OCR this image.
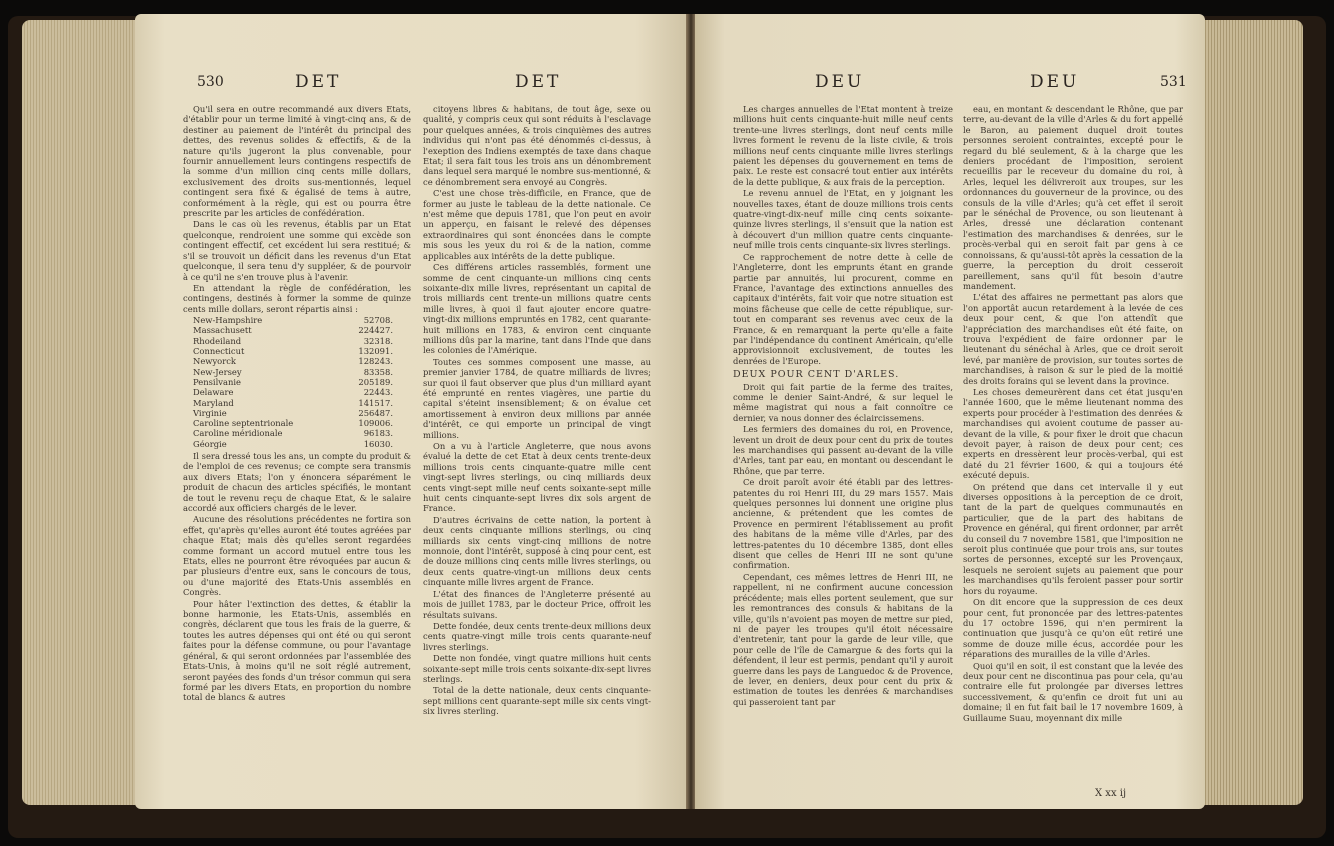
530	DET	DET

Qu'il sera en outre recommandé aux divers Etats, d'établir pour un terme limité à vingt-cinq ans, & de destiner au paiement de l'intérêt du principal des dettes, des revenus solides & effectifs, & de la nature qu'ils jugeront la plus convenable, pour fournir annuellement leurs contingens respectifs de la somme d'un million cinq cents mille dollars, exclusivement des droits sus-mentionnés, lequel contingent sera fixé & égalisé de tems à autre, conformément à la règle, qui est ou pourra être prescrite par les articles de confédération.

Dans le cas où les revenus, établis par un Etat quelconque, rendroient une somme qui excède son contingent effectif, cet excédent lui sera restitué; & s'il se trouvoit un déficit dans les revenus d'un Etat quelconque, il sera tenu d'y suppléer, & de pourvoir à ce qu'il ne s'en trouve plus à l'avenir.

En attendant la règle de confédération, les contingens, destinés à former la somme de quinze cents mille dollars, seront répartis ainsi :

New-Hampshire	52708.
Massachusett	224427.
Rhodeiland	32318.
Connecticut	132091.
Newyorck	128243.
New-Jersey	83358.
Pensilvanie	205189.
Delaware	22443.
Maryland	141517.
Virginie	256487.
Caroline septentrionale	109006.
Caroline méridionale	96183.
Géorgie	16030.

Il sera dressé tous les ans, un compte du produit & de l'emploi de ces revenus; ce compte sera transmis aux divers Etats; l'on y énoncera séparément le produit de chacun des articles spécifiés, le montant de tout le revenu reçu de chaque Etat, & le salaire accordé aux officiers chargés de le lever.

Aucune des résolutions précédentes ne fortira son effet, qu'après qu'elles auront été toutes agréées par chaque Etat; mais dès qu'elles seront regardées comme formant un accord mutuel entre tous les Etats, elles ne pourront être révoquées par aucun & par plusieurs d'entre eux, sans le concours de tous, ou d'une majorité des Etats-Unis assemblés en Congrès.

Pour hâter l'extinction des dettes, & établir la bonne harmonie, les Etats-Unis, assemblés en congrès, déclarent que tous les frais de la guerre, & toutes les autres dépenses qui ont été ou qui seront faites pour la défense commune, ou pour l'avantage général, & qui seront ordonnées par l'assemblée des Etats-Unis, à moins qu'il ne soit réglé autrement, seront payées des fonds d'un trésor commun qui sera formé par les divers Etats, en proportion du nombre total de blancs & autres

citoyens libres & habitans, de tout âge, sexe ou qualité, y compris ceux qui sont réduits à l'esclavage pour quelques années, & trois cinquièmes des autres individus qui n'ont pas été dénommés ci-dessus, à l'exeption des Indiens exemptés de taxe dans chaque Etat; il sera fait tous les trois ans un dénombrement dans lequel sera marqué le nombre sus-mentionné, & ce dénombrement sera envoyé au Congrès.

C'est une chose très-difficile, en France, que de former au juste le tableau de la dette nationale. Ce n'est même que depuis 1781, que l'on peut en avoir un apperçu, en faisant le relevé des dépenses extraordinaires qui sont énoncées dans le compte mis sous les yeux du roi & de la nation, comme applicables aux intérêts de la dette publique.

Ces différens articles rassemblés, forment une somme de cent cinquante-un millions cinq cents soixante-dix mille livres, représentant un capital de trois milliards cent trente-un millions quatre cents mille livres, à quoi il faut ajouter encore quatre-vingt-dix millions empruntés en 1782, cent quarante-huit millions en 1783, & environ cent cinquante millions dûs par la marine, tant dans l'Inde que dans les colonies de l'Amérique.

Toutes ces sommes composent une masse, au premier janvier 1784, de quatre milliards de livres; sur quoi il faut observer que plus d'un milliard ayant été emprunté en rentes viagères, une partie du capital s'éteint insensiblement; & on évalue cet amortissement à environ deux millions par année d'intérêt, ce qui emporte un principal de vingt millions.

On a vu à l'article Angleterre, que nous avons évalué la dette de cet Etat à deux cents trente-deux millions trois cents cinquante-quatre mille cent vingt-sept livres sterlings, ou cinq milliards deux cents vingt-sept mille neuf cents soixante-sept mille huit cents cinquante-sept livres dix sols argent de France.

D'autres écrivains de cette nation, la portent à deux cents cinquante millions sterlings, ou cinq milliards six cents vingt-cinq millions de notre monnoie, dont l'intérêt, supposé à cinq pour cent, est de douze millions cinq cents mille livres sterlings, ou deux cents quatre-vingt-un millions deux cents cinquante mille livres argent de France.

L'état des finances de l'Angleterre présenté au mois de juillet 1783, par le docteur Price, offroit les résultats suivans.

Dette fondée, deux cents trente-deux millions deux cents quatre-vingt mille trois cents quarante-neuf livres sterlings.

Dette non fondée, vingt quatre millions huit cents soixante-sept mille trois cents soixante-dix-sept livres sterlings.

Total de la dette nationale, deux cents cinquante-sept millions cent quarante-sept mille six cents vingt-six livres sterling.

DEU	DEU	531

Les charges annuelles de l'Etat montent à treize millions huit cents cinquante-huit mille neuf cents trente-une livres sterlings, dont neuf cents mille livres forment le revenu de la liste civile, & trois millions neuf cents cinquante mille livres sterlings paient les dépenses du gouvernement en tems de paix. Le reste est consacré tout entier aux intérêts de la dette publique, & aux frais de la perception.

Le revenu annuel de l'Etat, en y joignant les nouvelles taxes, étant de douze millions trois cents quatre-vingt-dix-neuf mille cinq cents soixante-quinze livres sterlings, il s'ensuit que la nation est à découvert d'un million quatre cents cinquante-neuf mille trois cents cinquante-six livres sterlings.

Ce rapprochement de notre dette à celle de l'Angleterre, dont les emprunts étant en grande partie par annuités, lui procurent, comme en France, l'avantage des extinctions annuelles des capitaux d'intérêts, fait voir que notre situation est moins fâcheuse que celle de cette république, sur-tout en comparant ses revenus avec ceux de la France, & en remarquant la perte qu'elle a faite par l'indépendance du continent Américain, qu'elle approvisionnoit exclusivement, de toutes les denrées de l'Europe.

DEUX POUR CENT D'ARLES.

Droit qui fait partie de la ferme des traites, comme le denier Saint-André, & sur lequel le même magistrat qui nous a fait connoître ce dernier, va nous donner des éclaircissemens.

Les fermiers des domaines du roi, en Provence, levent un droit de deux pour cent du prix de toutes les marchandises qui passent au-devant de la ville d'Arles, tant par eau, en montant ou descendant le Rhône, que par terre.

Ce droit paroît avoir été établi par des lettres-patentes du roi Henri III, du 29 mars 1557. Mais quelques personnes lui donnent une origine plus ancienne, & prétendent que les comtes de Provence en permirent l'établissement au profit des habitans de la même ville d'Arles, par des lettres-patentes du 10 décembre 1385, dont elles disent que celles de Henri III ne sont qu'une confirmation.

Cependant, ces mêmes lettres de Henri III, ne rappellent, ni ne confirment aucune concession précédente; mais elles portent seulement, que sur les remontrances des consuls & habitans de la ville, qu'ils n'avoient pas moyen de mettre sur pied, ni de payer les troupes qu'il étoit nécessaire d'entretenir, tant pour la garde de leur ville, que pour celle de l'île de Camargue & des forts qui la défendent, il leur est permis, pendant qu'il y auroit guerre dans les pays de Languedoc & de Provence, de lever, en deniers, deux pour cent du prix & estimation de toutes les denrées & marchandises qui passeroient tant par

eau, en montant & descendant le Rhône, que par terre, au-devant de la ville d'Arles & du fort appellé le Baron, au paiement duquel droit toutes personnes seroient contraintes, excepté pour le regard du blé seulement, & à la charge que les deniers procédant de l'imposition, seroient recueillis par le receveur du domaine du roi, à Arles, lequel les délivreroit aux troupes, sur les ordonnances du gouverneur de la province, ou des consuls de la ville d'Arles; qu'à cet effet il seroit par le sénéchal de Provence, ou son lieutenant à Arles, dressé une déclaration contenant l'estimation des marchandises & denrées, sur le procès-verbal qui en seroit fait par gens à ce connoissans, & qu'aussi-tôt après la cessation de la guerre, la perception du droit cesseroit pareillement, sans qu'il fût besoin d'autre mandement.

L'état des affaires ne permettant pas alors que l'on apportât aucun retardement à la levée de ces deux pour cent, & que l'on attendît que l'appréciation des marchandises eût été faite, on trouva l'expédient de faire ordonner par le lieutenant du sénéchal à Arles, que ce droit seroit levé, par manière de provision, sur toutes sortes de marchandises, à raison & sur le pied de la moitié des droits forains qui se levent dans la province.

Les choses demeurèrent dans cet état jusqu'en l'année 1600, que le même lieutenant nomma des experts pour procéder à l'estimation des denrées & marchandises qui avoient coutume de passer au-devant de la ville, & pour fixer le droit que chacun devoit payer, à raison de deux pour cent; ces experts en dressèrent leur procès-verbal, qui est daté du 21 février 1600, & qui a toujours été exécuté depuis.

On prétend que dans cet intervalle il y eut diverses oppositions à la perception de ce droit, tant de la part de quelques communautés en particulier, que de la part des habitans de Provence en général, qui firent ordonner, par arrêt du conseil du 7 novembre 1581, que l'imposition ne seroit plus continuée que pour trois ans, sur toutes sortes de personnes, excepté sur les Provençaux, lesquels ne seroient sujets au paiement que pour les marchandises qu'ils feroient passer pour sortir hors du royaume.

On dit encore que la suppression de ces deux pour cent, fut prononcée par des lettres-patentes du 17 octobre 1596, qui n'en permirent la continuation que jusqu'à ce qu'on eût retiré une somme de douze mille écus, accordée pour les réparations des murailles de la ville d'Arles.

Quoi qu'il en soit, il est constant que la levée des deux pour cent ne discontinua pas pour cela, qu'au contraire elle fut prolongée par diverses lettres successivement, & qu'enfin ce droit fut uni au domaine; il en fut fait bail le 17 novembre 1609, à Guillaume Suau, moyennant dix mille

X xx ij
